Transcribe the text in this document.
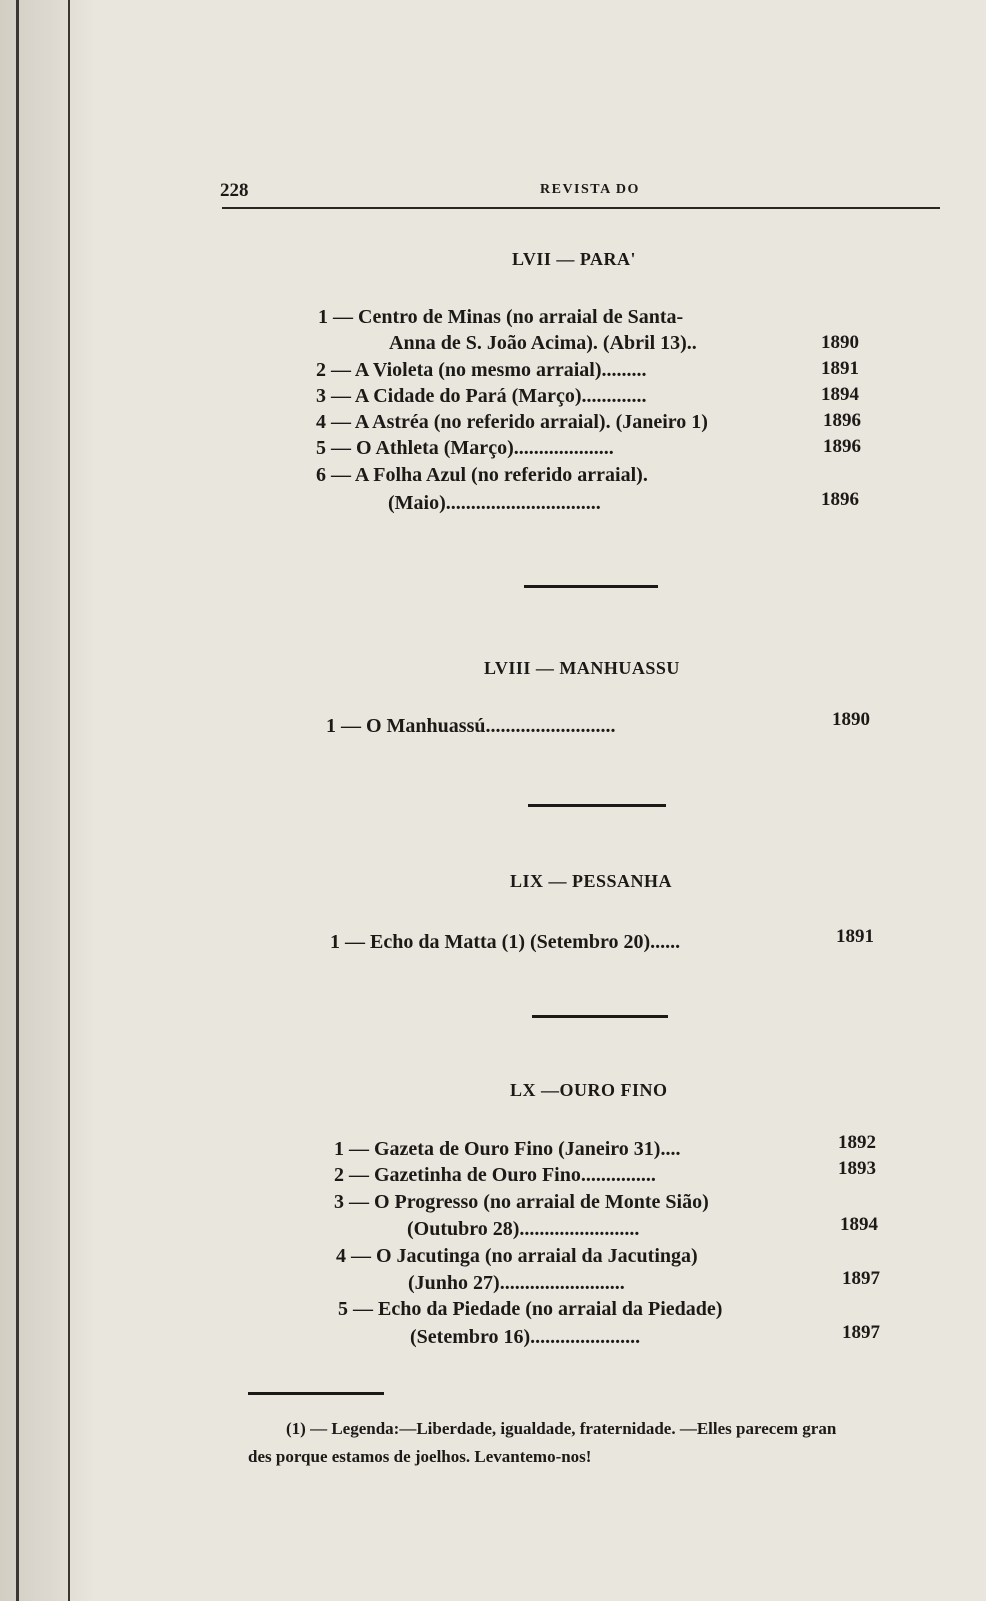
228	REVISTA DO
LVII — PARA'
1 — Centro de Minas (no arraial de Santa-
Anna de S. João Acima). (Abril 13)..	1890
2 — A Violeta (no mesmo arraial).........	1891
3 — A Cidade do Pará (Março).............	1894
4 — A Astréa (no referido arraial). (Janeiro 1)	1896
5 — O Athleta (Março)....................	1896
6 — A Folha Azul (no referido arraial).
(Maio)...............................	1896
LVIII — MANHUASSU
1 — O Manhuassú..........................	1890
LIX — PESSANHA
1 — Echo da Matta (1) (Setembro 20)......	1891
LX —OURO FINO
1 — Gazeta de Ouro Fino (Janeiro 31)....	1892
2 — Gazetinha de Ouro Fino...............	1893
3 — O Progresso (no arraial de Monte Sião)
(Outubro 28)........................	1894
4 — O Jacutinga (no arraial da Jacutinga)
(Junho 27).........................	1897
5 — Echo da Piedade (no arraial da Piedade)
(Setembro 16)......................	1897
(1) — Legenda:—Liberdade, igualdade, fraternidade. —Elles parecem gran
des porque estamos de joelhos. Levantemo-nos!
